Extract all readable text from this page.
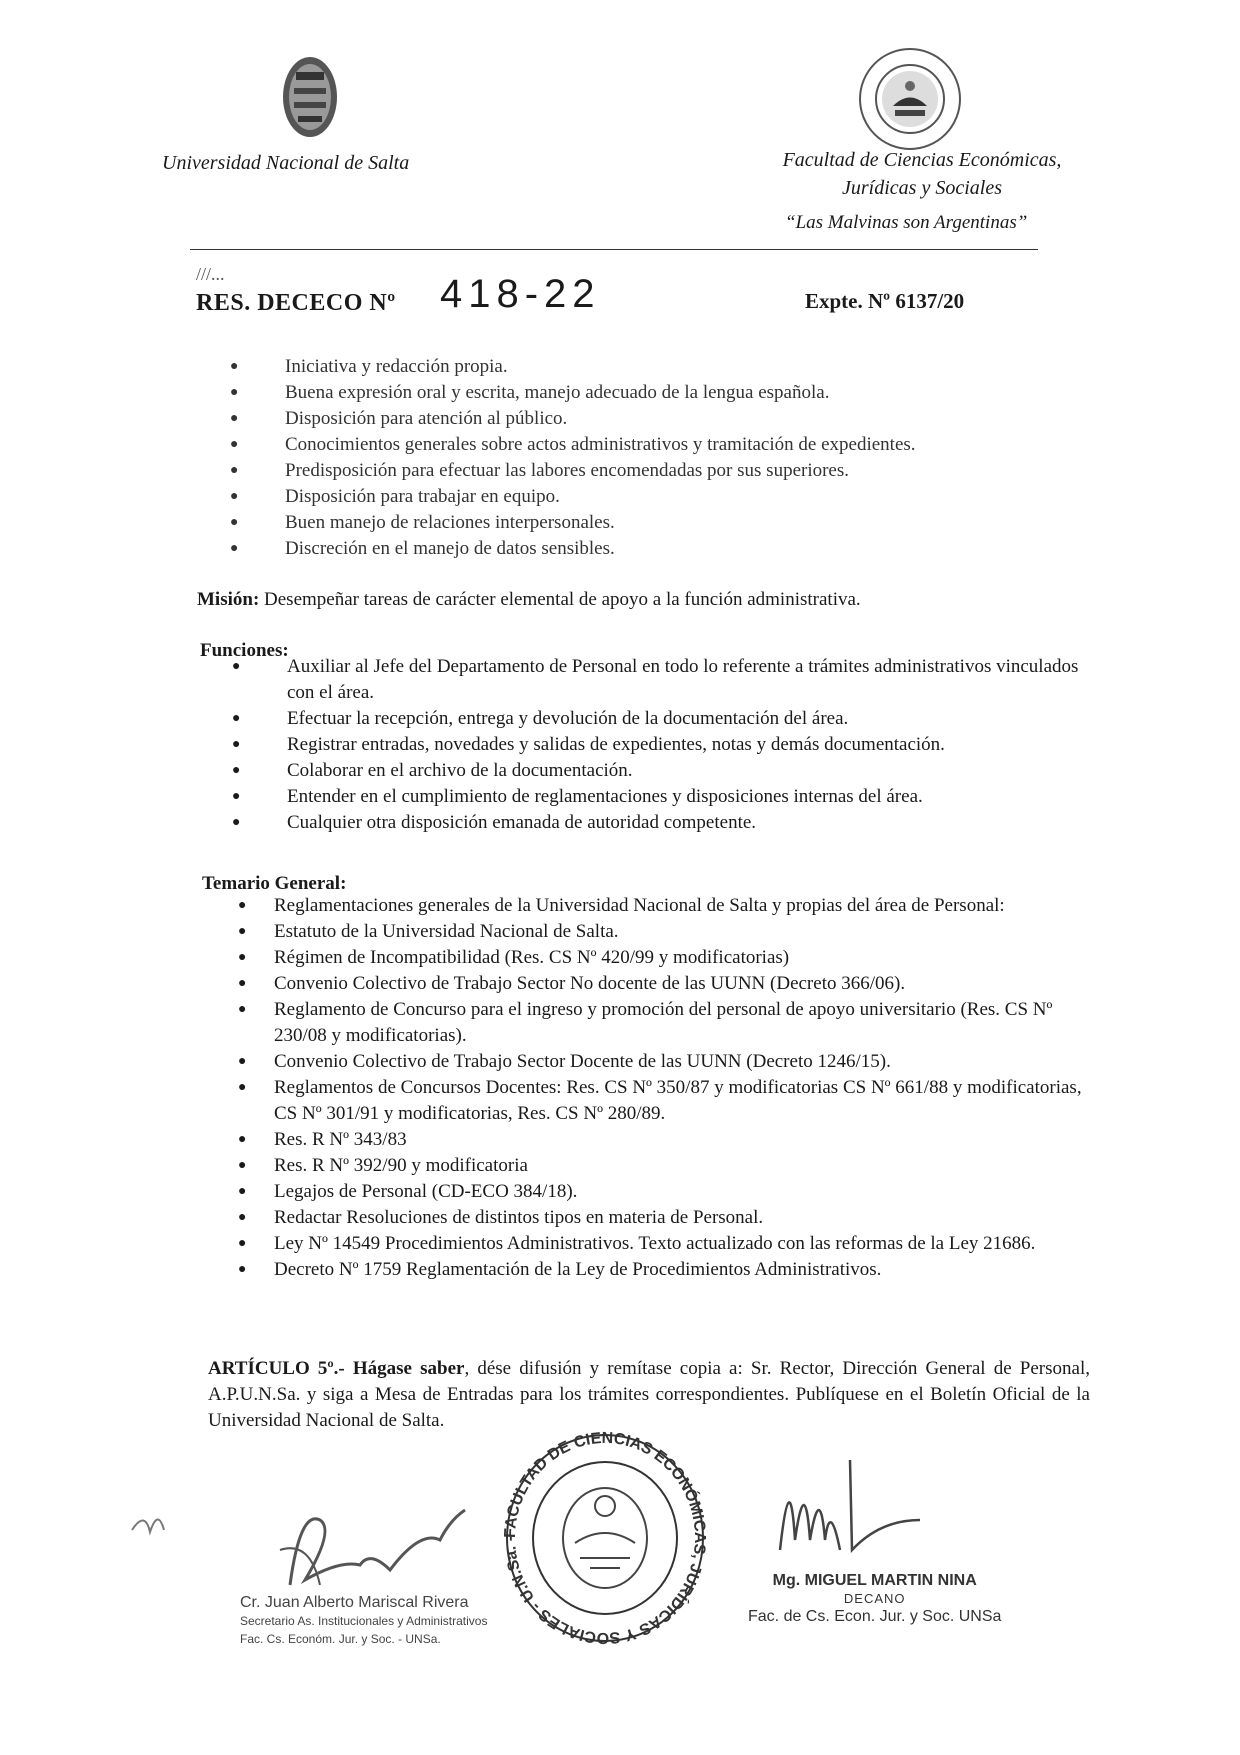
Universidad Nacional de Salta	Facultad de Ciencias Económicas,
Jurídicas y Sociales
“Las Malvinas son Argentinas”
///...
RES. DECECO Nº 418-22	Expte. Nº 6137/20
● Iniciativa y redacción propia.
● Buena expresión oral y escrita, manejo adecuado de la lengua española.
● Disposición para atención al público.
● Conocimientos generales sobre actos administrativos y tramitación de expedientes.
● Predisposición para efectuar las labores encomendadas por sus superiores.
● Disposición para trabajar en equipo.
● Buen manejo de relaciones interpersonales.
● Discreción en el manejo de datos sensibles.
Misión: Desempeñar tareas de carácter elemental de apoyo a la función administrativa.
Funciones:
● Auxiliar al Jefe del Departamento de Personal en todo lo referente a trámites administrativos vinculados con el área.
● Efectuar la recepción, entrega y devolución de la documentación del área.
● Registrar entradas, novedades y salidas de expedientes, notas y demás documentación.
● Colaborar en el archivo de la documentación.
● Entender en el cumplimiento de reglamentaciones y disposiciones internas del área.
● Cualquier otra disposición emanada de autoridad competente.
Temario General:
● Reglamentaciones generales de la Universidad Nacional de Salta y propias del área de Personal:
● Estatuto de la Universidad Nacional de Salta.
● Régimen de Incompatibilidad (Res. CS Nº 420/99 y modificatorias)
● Convenio Colectivo de Trabajo Sector No docente de las UUNN (Decreto 366/06).
● Reglamento de Concurso para el ingreso y promoción del personal de apoyo universitario (Res. CS Nº 230/08 y modificatorias).
● Convenio Colectivo de Trabajo Sector Docente de las UUNN (Decreto 1246/15).
● Reglamentos de Concursos Docentes: Res. CS Nº 350/87 y modificatorias CS Nº 661/88 y modificatorias, CS Nº 301/91 y modificatorias, Res. CS Nº 280/89.
● Res. R Nº 343/83
● Res. R Nº 392/90 y modificatoria
● Legajos de Personal (CD-ECO 384/18).
● Redactar Resoluciones de distintos tipos en materia de Personal.
● Ley Nº 14549 Procedimientos Administrativos. Texto actualizado con las reformas de la Ley 21686.
● Decreto Nº 1759 Reglamentación de la Ley de Procedimientos Administrativos.
ARTÍCULO 5º.- Hágase saber, dése difusión y remítase copia a: Sr. Rector, Dirección General de Personal, A.P.U.N.Sa. y siga a Mesa de Entradas para los trámites correspondientes. Publíquese en el Boletín Oficial de la Universidad Nacional de Salta.
FACULTAD DE CIENCIAS ECONÓMICAS, JURÍDICAS Y SOCIALES - U.N.Sa. -
Cr. Juan Alberto Mariscal Rivera
Secretario As. Institucionales y Administrativos
Fac. Cs. Económ. Jur. y Soc. - UNSa.
Mg. MIGUEL MARTIN NINA
DECANO
Fac. de Cs. Econ. Jur. y Soc. UNSa
